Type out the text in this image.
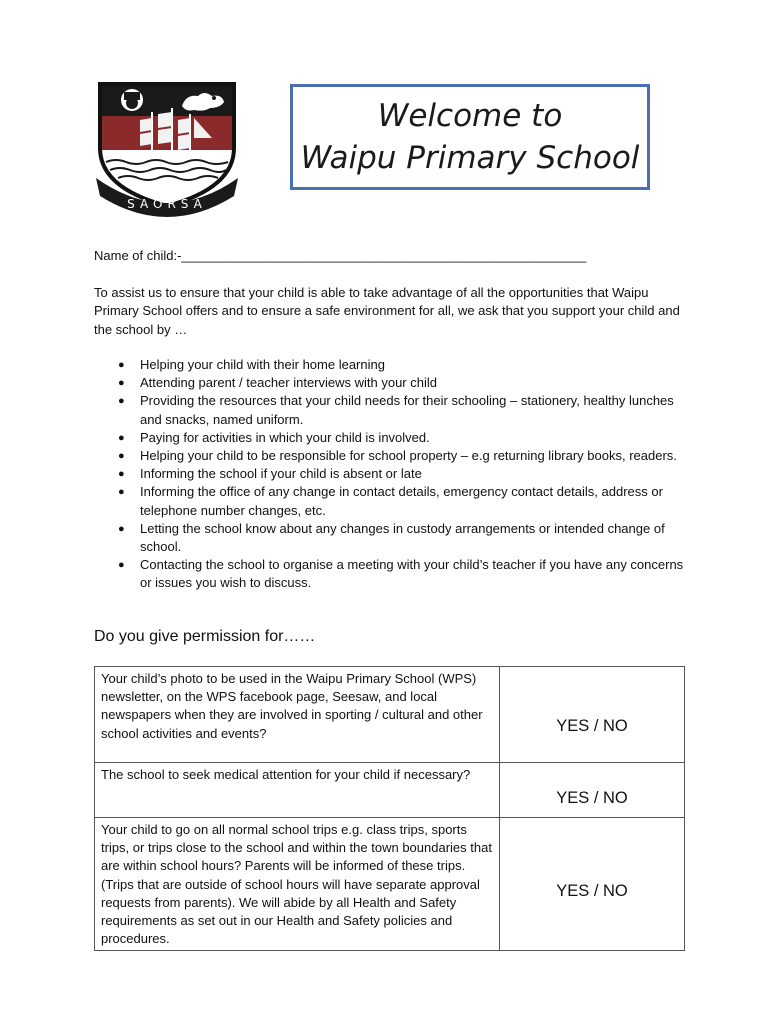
SAORSA
Welcome to
Waipu Primary School
Name of child:-________________________________________________________
To assist us to ensure that your child is able to take advantage of all the opportunities that Waipu Primary School offers and to ensure a safe environment for all, we ask that you support your child and the school by …
● Helping your child with their home learning
● Attending parent / teacher interviews with your child
● Providing the resources that your child needs for their schooling – stationery, healthy lunches and snacks, named uniform.
● Paying for activities in which your child is involved.
● Helping your child to be responsible for school property – e.g returning library books, readers.
● Informing the school if your child is absent or late
● Informing the office of any change in contact details, emergency contact details, address or telephone number changes, etc.
● Letting the school know about any changes in custody arrangements or intended change of school.
● Contacting the school to organise a meeting with your child’s teacher if you have any concerns or issues you wish to discuss.
Do you give permission for……
Your child’s photo to be used in the Waipu Primary School (WPS) newsletter, on the WPS facebook page, Seesaw, and local newspapers when they are involved in sporting / cultural and other school activities and events?	YES / NO

The school to seek medical attention for your child if necessary?	YES / NO

Your child to go on all normal school trips e.g. class trips, sports trips, or trips close to the school and within the town boundaries that are within school hours? Parents will be informed of these trips. (Trips that are outside of school hours will have separate approval requests from parents). We will abide by all Health and Safety requirements as set out in our Health and Safety policies and procedures.	YES / NO
